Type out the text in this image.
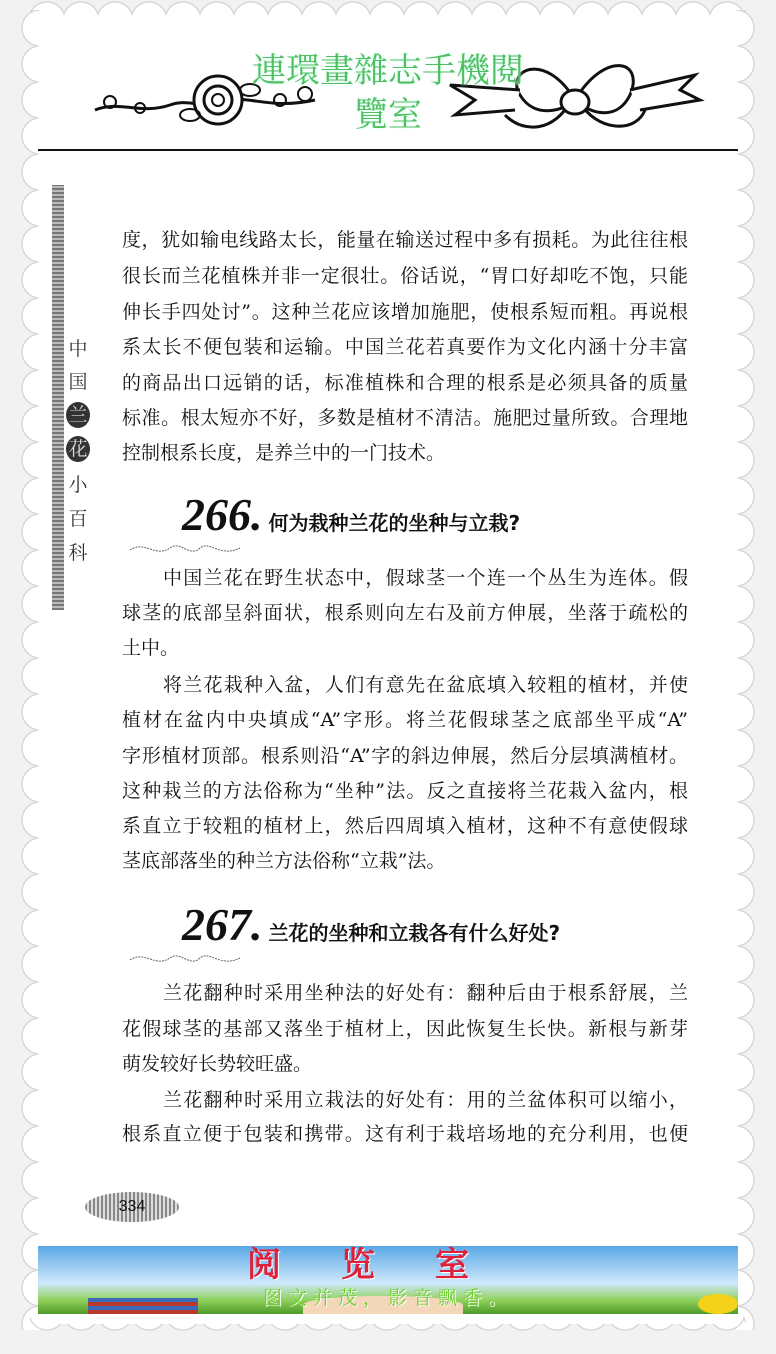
連環畫雜志手機閱
覽室
中
国
兰
花
小
百
科
度，犹如输电线路太长，能量在输送过程中多有损耗。为此往往根
很长而兰花植株并非一定很壮。俗话说，“胃口好却吃不饱，只能
伸长手四处讨”。这种兰花应该增加施肥，使根系短而粗。再说根
系太长不便包装和运输。中国兰花若真要作为文化内涵十分丰富
的商品出口远销的话，标准植株和合理的根系是必须具备的质量
标准。根太短亦不好，多数是植材不清洁。施肥过量所致。合理地
控制根系长度，是养兰中的一门技术。
266. 何为栽种兰花的坐种与立栽?
中国兰花在野生状态中，假球茎一个连一个丛生为连体。假
球茎的底部呈斜面状，根系则向左右及前方伸展，坐落于疏松的
土中。
将兰花栽种入盆，人们有意先在盆底填入较粗的植材，并使
植材在盆内中央填成“A”字形。将兰花假球茎之底部坐平成“A”
字形植材顶部。根系则沿“A”字的斜边伸展，然后分层填满植材。
这种栽兰的方法俗称为“坐种”法。反之直接将兰花栽入盆内，根
系直立于较粗的植材上，然后四周填入植材，这种不有意使假球
茎底部落坐的种兰方法俗称“立栽”法。
267. 兰花的坐种和立栽各有什么好处?
兰花翻种时采用坐种法的好处有：翻种后由于根系舒展，兰
花假球茎的基部又落坐于植材上，因此恢复生长快。新根与新芽
萌发较好长势较旺盛。
兰花翻种时采用立栽法的好处有：用的兰盆体积可以缩小，
根系直立便于包装和携带。这有利于栽培场地的充分利用，也便
334
阅览室
图文并茂，影音飘香。
